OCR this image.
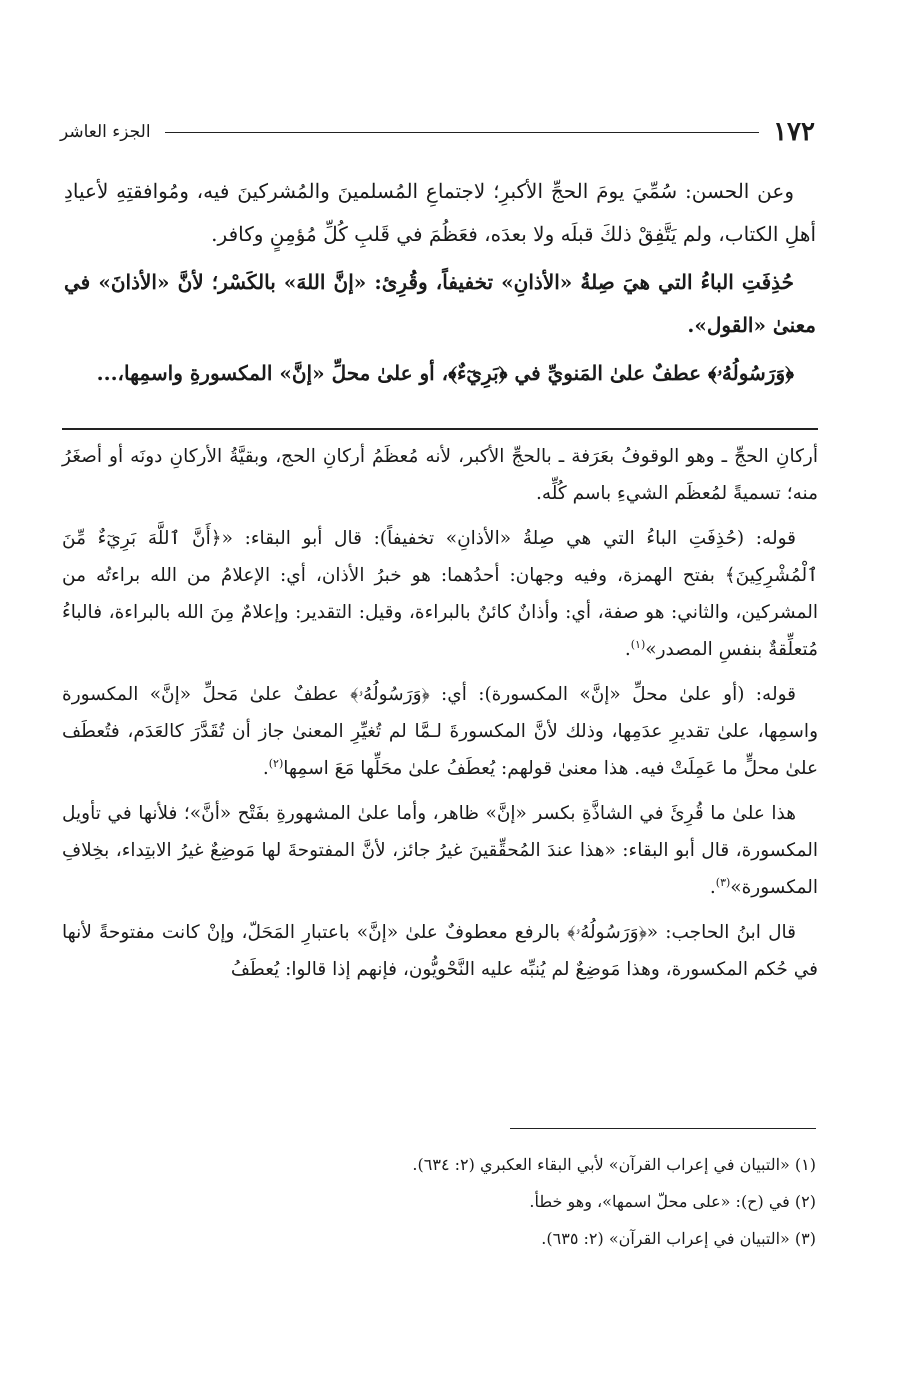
١٧٢
الجزء العاشر

وعن الحسن: سُمِّيَ يومَ الحجِّ الأكبرِ؛ لاجتماعِ المُسلمينَ والمُشركينَ فيه، ومُوافقتِهِ لأعيادِ أهلِ الكتاب، ولم يَتَّفِقْ ذلكَ قبلَه ولا بعدَه، فعَظُمَ في قَلبِ كُلِّ مُؤمِنٍ وكافر.

حُذِفَتِ الباءُ التي هيَ صِلةُ «الأذانِ» تخفيفاً، وقُرِئ: «إنَّ اللهَ» بالكَسْر؛ لأنَّ «الأذانَ» في معنىٰ «القول».

﴿وَرَسُولُهُۥ﴾ عطفٌ علىٰ المَنويِّ في ﴿بَرِيٓءٌ﴾، أو علىٰ محلِّ «إنَّ» المكسورةِ واسمِها،...

أركانِ الحجِّ ـ وهو الوقوفُ بعَرَفة ـ بالحجِّ الأكبر، لأنه مُعظَمُ أركانِ الحج، وبقيَّةُ الأركانِ دونَه أو أصغَرُ منه؛ تسميةً لمُعظَم الشيءِ باسم كُلِّه.

قوله: (حُذِفَتِ الباءُ التي هي صِلةُ «الأذانِ» تخفيفاً): قال أبو البقاء: «﴿أَنَّ ٱللَّهَ بَرِيٓءٌ مِّنَ ٱلْمُشْرِكِينَ﴾ بفتح الهمزة، وفيه وجهان: أحدُهما: هو خبرُ الأذان، أي: الإعلامُ من الله براءتُه من المشركين، والثاني: هو صفة، أي: وأذانٌ كائنٌ بالبراءة، وقيل: التقدير: وإعلامٌ مِنَ الله بالبراءة، فالباءُ مُتعلِّقةٌ بنفسِ المصدر»$^{(١)}$.

قوله: (أو علىٰ محلِّ «إنَّ» المكسورة): أي: ﴿وَرَسُولُهُۥ﴾ عطفٌ علىٰ مَحلِّ «إنَّ» المكسورة واسمِها، علىٰ تقديرِ عدَمِها، وذلك لأنَّ المكسورةَ لـمَّا لم تُغيِّرِ المعنىٰ جاز أن تُقَدَّرَ كالعَدَم، فتُعطَف علىٰ محلٍّ ما عَمِلَتْ فيه. هذا معنىٰ قولهم: يُعطَفُ علىٰ محَلِّها مَعَ اسمِها$^{(٢)}$.

هذا علىٰ ما قُرِئَ في الشاذَّةِ بكسر «إنَّ» ظاهر، وأما علىٰ المشهورةِ بفَتْح «أنَّ»؛ فلأنها في تأويل المكسورة، قال أبو البقاء: «هذا عندَ المُحقِّقينَ غيرُ جائز، لأنَّ المفتوحةَ لها مَوضِعٌ غيرُ الابتِداء، بخِلافِ المكسورة»$^{(٣)}$.

قال ابنُ الحاجب: «﴿وَرَسُولُهُۥ﴾ بالرفع معطوفٌ علىٰ «إنَّ» باعتبارِ المَحَلّ، وإنْ كانت مفتوحةً لأنها في حُكم المكسورة، وهذا مَوضِعٌ لم يُنبِّه عليه النَّحْويُّون، فإنهم إذا قالوا: يُعطَفُ

(١) «التبيان في إعراب القرآن» لأبي البقاء العكبري (٢: ٦٣٤).

(٢) في (ح): «على محلّ اسمها»، وهو خطأ.

(٣) «التبيان في إعراب القرآن» (٢: ٦٣٥).
